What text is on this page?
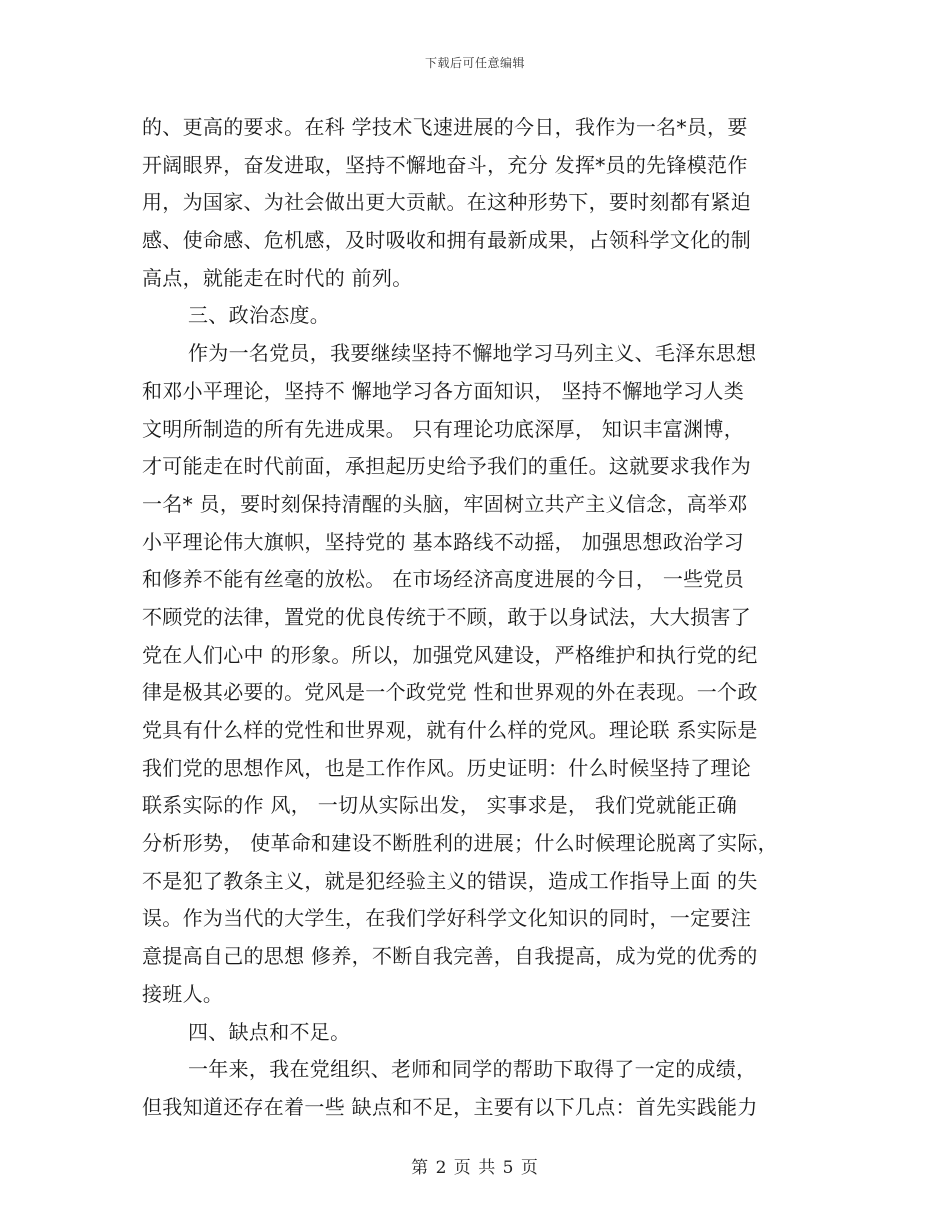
下载后可任意编辑
的、更高的要求。在科 学技术飞速进展的今日，我作为一名*员，要
开阔眼界，奋发进取，坚持不懈地奋斗，充分 发挥*员的先锋模范作
用，为国家、为社会做出更大贡献。在这种形势下，要时刻都有紧迫
感、使命感、危机感，及时吸收和拥有最新成果，占领科学文化的制
高点，就能走在时代的 前列。
三、政治态度。
作为一名党员，我要继续坚持不懈地学习马列主义、毛泽东思想
和邓小平理论，坚持不 懈地学习各方面知识， 坚持不懈地学习人类
文明所制造的所有先进成果。 只有理论功底深厚， 知识丰富渊博，
才可能走在时代前面，承担起历史给予我们的重任。这就要求我作为
一名* 员，要时刻保持清醒的头脑，牢固树立共产主义信念，高举邓
小平理论伟大旗帜，坚持党的 基本路线不动摇， 加强思想政治学习
和修养不能有丝毫的放松。 在市场经济高度进展的今日， 一些党员
不顾党的法律，置党的优良传统于不顾，敢于以身试法，大大损害了
党在人们心中 的形象。所以，加强党风建设，严格维护和执行党的纪
律是极其必要的。党风是一个政党党 性和世界观的外在表现。一个政
党具有什么样的党性和世界观，就有什么样的党风。理论联 系实际是
我们党的思想作风，也是工作作风。历史证明：什么时候坚持了理论
联系实际的作 风， 一切从实际出发， 实事求是， 我们党就能正确
分析形势， 使革命和建设不断胜利的进展；什么时候理论脱离了实际，
不是犯了教条主义，就是犯经验主义的错误，造成工作指导上面 的失
误。作为当代的大学生，在我们学好科学文化知识的同时，一定要注
意提高自己的思想 修养，不断自我完善，自我提高，成为党的优秀的
接班人。
四、缺点和不足。
一年来，我在党组织、老师和同学的帮助下取得了一定的成绩，
但我知道还存在着一些 缺点和不足，主要有以下几点：首先实践能力
第 2 页 共 5 页
